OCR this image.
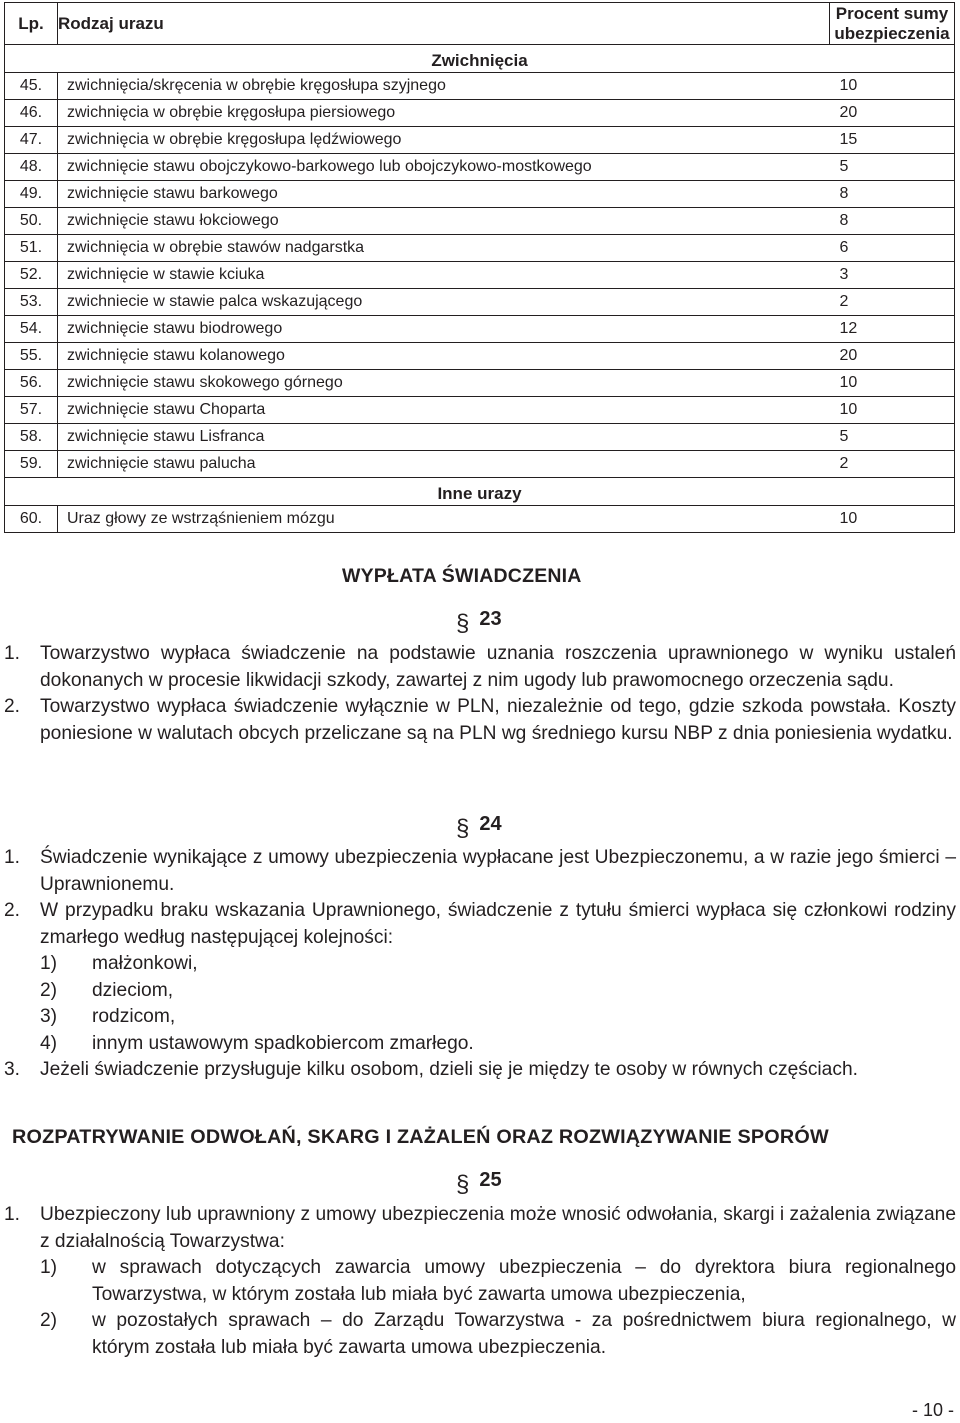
Lp.	Rodzaj urazu	Procent sumy
ubezpieczenia
Zwichnięcia		
45.	zwichnięcia/skręcenia w obrębie kręgosłupa szyjnego	10

46.	zwichnięcia w obrębie kręgosłupa piersiowego	20

47.	zwichnięcia w obrębie kręgosłupa lędźwiowego	15

48.	zwichnięcie stawu obojczykowo-barkowego lub obojczykowo-mostkowego	5

49.	zwichnięcie stawu barkowego	8

50.	zwichnięcie stawu łokciowego	8

51.	zwichnięcia w obrębie stawów nadgarstka	6

52.	zwichnięcie w stawie kciuka	3

53.	zwichniecie w stawie palca wskazującego	2

54.	zwichnięcie stawu biodrowego	12

55.	zwichnięcie stawu kolanowego	20

56.	zwichnięcie stawu skokowego górnego	10

57.	zwichnięcie stawu Choparta	10

58.	zwichnięcie stawu Lisfranca	5

59.	zwichnięcie stawu palucha	2

Inne urazy		
60.	Uraz głowy ze wstrząśnieniem mózgu	10
WYPŁATA ŚWIADCZENIA
§ 23
1.	Towarzystwo wypłaca świadczenie na podstawie uznania roszczenia uprawnionego w wyniku ustaleń dokonanych w procesie likwidacji szkody, zawartej z nim ugody lub prawomocnego orzeczenia sądu.
2.	Towarzystwo wypłaca świadczenie wyłącznie w PLN, niezależnie od tego, gdzie szkoda powstała. Koszty poniesione w walutach obcych przeliczane są na PLN wg średniego kursu NBP z dnia poniesienia wydatku.
§ 24
1.	Świadczenie wynikające z umowy ubezpieczenia wypłacane jest Ubezpieczonemu, a w razie jego śmierci – Uprawnionemu.
2.	W przypadku braku wskazania Uprawnionego, świadczenie z tytułu śmierci wypłaca się członkowi rodziny zmarłego według następującej kolejności:
1)	małżonkowi,
2)	dzieciom,
3)	rodzicom,
4)	innym ustawowym spadkobiercom zmarłego.
3.	Jeżeli świadczenie przysługuje kilku osobom, dzieli się je między te osoby w równych częściach.
ROZPATRYWANIE ODWOŁAŃ, SKARG I ZAŻALEŃ ORAZ ROZWIĄZYWANIE SPORÓW
§ 25
1.	Ubezpieczony lub uprawniony z umowy ubezpieczenia może wnosić odwołania, skargi i zażalenia związane z działalnością Towarzystwa:
1)	w sprawach dotyczących zawarcia umowy ubezpieczenia – do dyrektora biura regionalnego Towarzystwa, w którym została lub miała być zawarta umowa ubezpieczenia,
2)	w pozostałych sprawach – do Zarządu Towarzystwa - za pośrednictwem biura regionalnego, w którym została lub miała być zawarta umowa ubezpieczenia.
- 10 -
